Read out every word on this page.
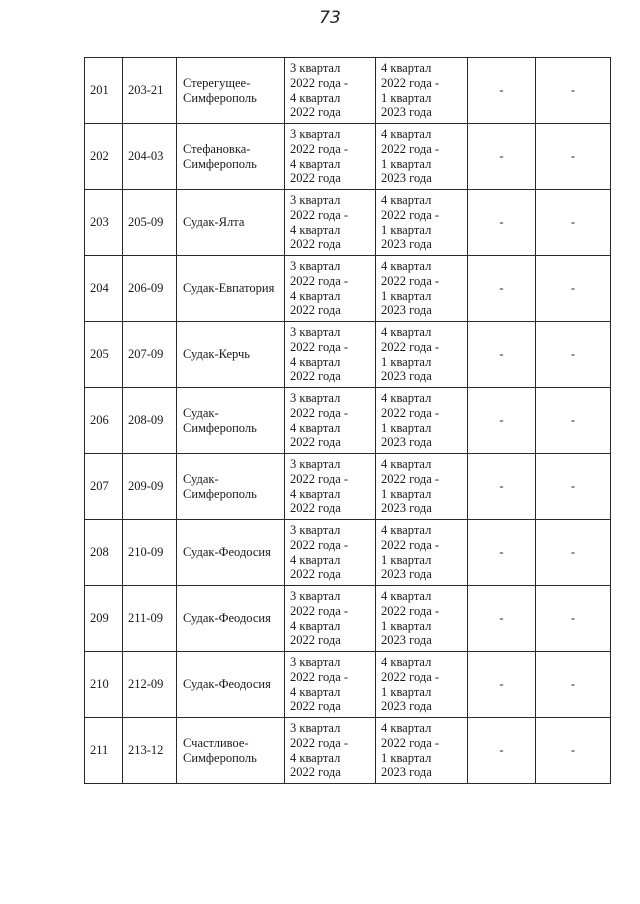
73
201	203-21	Стерегущее-
Симферополь	3 квартал
2022 года -
4 квартал
2022 года	4 квартал
2022 года -
1 квартал
2023 года	-	-
202	204-03	Стефановка-
Симферополь	3 квартал
2022 года -
4 квартал
2022 года	4 квартал
2022 года -
1 квартал
2023 года	-	-
203	205-09	Судак-Ялта	3 квартал
2022 года -
4 квартал
2022 года	4 квартал
2022 года -
1 квартал
2023 года	-	-
204	206-09	Судак-Евпатория	3 квартал
2022 года -
4 квартал
2022 года	4 квартал
2022 года -
1 квартал
2023 года	-	-
205	207-09	Судак-Керчь	3 квартал
2022 года -
4 квартал
2022 года	4 квартал
2022 года -
1 квартал
2023 года	-	-
206	208-09	Судак-
Симферополь	3 квартал
2022 года -
4 квартал
2022 года	4 квартал
2022 года -
1 квартал
2023 года	-	-
207	209-09	Судак-
Симферополь	3 квартал
2022 года -
4 квартал
2022 года	4 квартал
2022 года -
1 квартал
2023 года	-	-
208	210-09	Судак-Феодосия	3 квартал
2022 года -
4 квартал
2022 года	4 квартал
2022 года -
1 квартал
2023 года	-	-
209	211-09	Судак-Феодосия	3 квартал
2022 года -
4 квартал
2022 года	4 квартал
2022 года -
1 квартал
2023 года	-	-
210	212-09	Судак-Феодосия	3 квартал
2022 года -
4 квартал
2022 года	4 квартал
2022 года -
1 квартал
2023 года	-	-
211	213-12	Счастливое-
Симферополь	3 квартал
2022 года -
4 квартал
2022 года	4 квартал
2022 года -
1 квартал
2023 года	-	-
